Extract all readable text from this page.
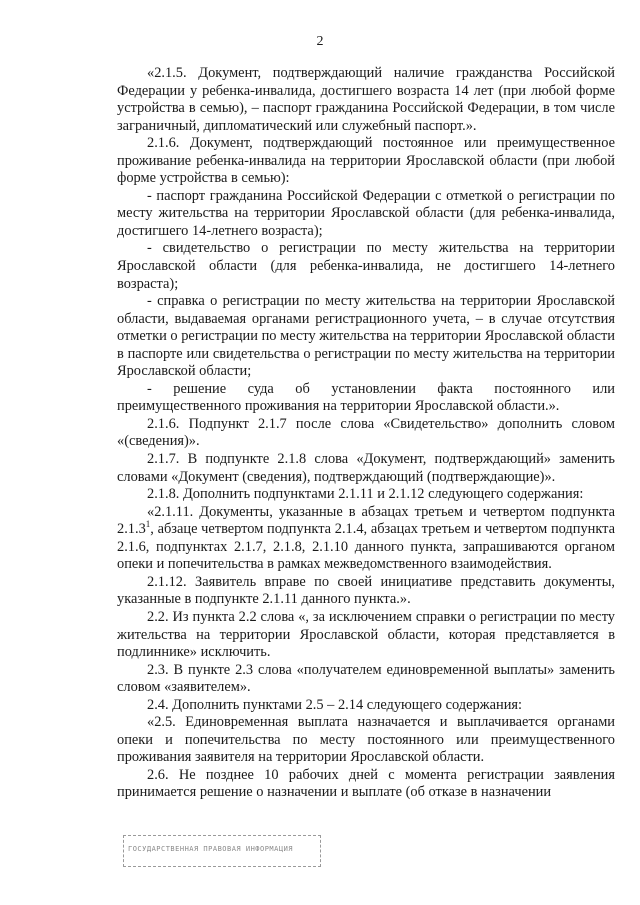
2

«2.1.5. Документ, подтверждающий наличие гражданства Российской Федерации у ребенка-инвалида, достигшего возраста 14 лет (при любой форме устройства в семью), – паспорт гражданина Российской Федерации, в том числе заграничный, дипломатический или служебный паспорт.».

2.1.6. Документ, подтверждающий постоянное или преимущественное проживание ребенка-инвалида на территории Ярославской области (при любой форме устройства в семью):

- паспорт гражданина Российской Федерации с отметкой о регистрации по месту жительства на территории Ярославской области (для ребенка-инвалида, достигшего 14-летнего возраста);

- свидетельство о регистрации по месту жительства на территории Ярославской области (для ребенка-инвалида, не достигшего 14-летнего возраста);

- справка о регистрации по месту жительства на территории Ярославской области, выдаваемая органами регистрационного учета, – в случае отсутствия отметки о регистрации по месту жительства на территории Ярославской области в паспорте или свидетельства о регистрации по месту жительства на территории Ярославской области;

- решение суда об установлении факта постоянного или преимущественного проживания на территории Ярославской области.».

2.1.6. Подпункт 2.1.7 после слова «Свидетельство» дополнить словом «(сведения)».

2.1.7. В подпункте 2.1.8 слова «Документ, подтверждающий» заменить словами «Документ (сведения), подтверждающий (подтверждающие)».

2.1.8. Дополнить подпунктами 2.1.11 и 2.1.12 следующего содержания:

«2.1.11. Документы, указанные в абзацах третьем и четвертом подпункта 2.1.3$^1$, абзаце четвертом подпункта 2.1.4, абзацах третьем и четвертом подпункта 2.1.6, подпунктах 2.1.7, 2.1.8, 2.1.10 данного пункта, запрашиваются органом опеки и попечительства в рамках межведомственного взаимодействия.

2.1.12. Заявитель вправе по своей инициативе представить документы, указанные в подпункте 2.1.11 данного пункта.».

2.2. Из пункта 2.2 слова «, за исключением справки о регистрации по месту жительства на территории Ярославской области, которая представляется в подлиннике» исключить.

2.3. В пункте 2.3 слова «получателем единовременной выплаты» заменить словом «заявителем».

2.4. Дополнить пунктами 2.5 – 2.14 следующего содержания:

«2.5. Единовременная выплата назначается и выплачивается органами опеки и попечительства по месту постоянного или преимущественного проживания заявителя на территории Ярославской области.

2.6. Не позднее 10 рабочих дней с момента регистрации заявления принимается решение о назначении и выплате (об отказе в назначении

ГОСУДАРСТВЕННАЯ ПРАВОВАЯ ИНФОРМАЦИЯ
